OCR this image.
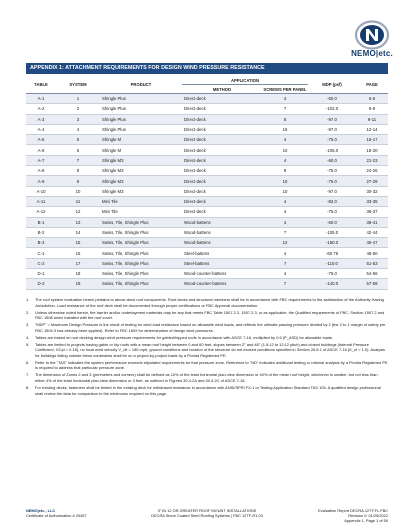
NEMO|etc.
APPENDIX 1: ATTACHMENT REQUIREMENTS FOR DESIGN WIND PRESSURE RESISTANCE
TABLE	SYSTEM	PRODUCT	APPLICATION		MDP (psf)	PAGE
			METHOD	SCREWS PER PANEL		
A-1	1	Shingle Plus	Direct-deck	4	-60.0	5-6
A-2	2	Shingle Plus	Direct-deck	7	-102.0	6-9
A-3	3	Shingle Plus	Direct-deck	8	-97.0	9-11
A-4	4	Shingle Plus	Direct-deck	16	-97.0	12-14
A-5	5	Shingle M	Direct-deck	4	-75.0	15-17
A-6	6	Shingle M	Direct-deck	10	-105.0	18-20
A-7	7	Shingle M3	Direct-deck	4	-60.0	21-23
A-8	8	Shingle M3	Direct-deck	8	-75.0	24-26
A-9	9	Shingle M3	Direct-deck	10	-75.0	27-29
A-10	10	Shingle M3	Direct-deck	10	-97.0	30-32
A-11	11	Mini Tile	Direct-deck	4	-82.0	33-35
A-12	12	Mini Tile	Direct-deck	4	-75.0	36-37
B-1	13	Swiss, Tile, Shingle Plus	Wood-battens	4	-60.0	38-41
B-2	14	Swiss, Tile, Shingle Plus	Wood-battens	7	-105.0	42-44
B-3	15	Swiss, Tile, Shingle Plus	Wood-battens	12	-150.0	45-47
C-1	16	Swiss, Tile, Shingle Plus	Steel-battens	4	-60.75	48-50
C-2	17	Swiss, Tile, Shingle Plus	Steel-battens	7	-110.0	51-53
D-1	18	Swiss, Tile, Shingle Plus	Wood-counter-battens	4	-75.0	54-56
D-2	19	Swiss, Tile, Shingle Plus	Wood-counter-battens	7	-140.0	57-59
1.	The roof system evaluation herein pertains to above-deck roof components. Roof decks and structural members shall be in accordance with FBC requirements to the satisfaction of the Authority Having Jurisdiction. Load resistance of the roof deck shall be documented through proper certifications or FBC Approval documentation.
2.	Unless otherwise noted herein, fire barrier and/or underlayment materials may be any that meets FBC Table 1507.2.2, 1507.2.3, or as applicable, the Qualified requirements of FBC, Section 1507.2 and FBC 1508 when installed with the roof cover.
3.	"MDP" = Maximum Design Pressure is the result of testing for wind load resistance based on allowable wind loads, and reflects the ultimate passing pressure divided by 2 (the 2 to 1 margin of safety per FBC 1504.9 has already been applied). Refer to FBC 1609 for determination of design wind pressures.
4.	Tables are based on roof decking design wind pressure requirements for gabled/hipped roofs in accordance with ASCE 7-16, multiplied by 0.6 (P_ASD) for allowable loads.
5.	Tables are limited to projects having gable or hip roofs with a mean roof height between 0 and 60 feet, slopes between 2° and 45° (1.5:12 to 12:12 pitch) and closed buildings (Internal Pressure Coefficient, GCpi = 0.18), no local wind velocity V_ult = 180 mph, ground conditions and location of the structure do not exceed conditions specified in Section 26.8.1 of ASCE 7-16 (K_zt = 1.0). Analysis for buildings falling outside these constraints shall be on a project-by-project basis by a Florida Registered PE.
6.	Refer to the "TAS" indicates the system performance exceeds stipulated requirements for that pressure zone. Reference to "ND" indicates additional testing or rational analysis by a Florida Registered PE is required to address that particular pressure zone.
7.	The dimension of Zones 2 and 3 (perimeters and corners) shall be defined as 10% of the least horizontal plan-view dimension or 40% of the mean roof height, whichever is smaller, but not less than either 4% of the least horizontal plan-view dimension or 3 feet, as outlined in Figures 30.4-2A and 30.4-2C of ASCE 7-16.
8.	For existing decks, fasteners shall be tested in the existing deck for withdrawal resistance in accordance with ANSI/SPRI FX-1 or Testing Application Standard TAS 105. A qualified design professional shall review the data for comparison to the minimums required on this page.
NEMO|etc., LLC
Certificate of Authorization # 29457
3" IN 12 OR GREATER ROOF MOUNT INSTALLATIONS
DECRA Stone Coated Steel Roofing Systems | FBC 12TF-R1.03
Evaluation Report DECRA.12TF.FL.FBC
Revision 0: 01/25/2022
Appendix 1, Page 1 of 59
